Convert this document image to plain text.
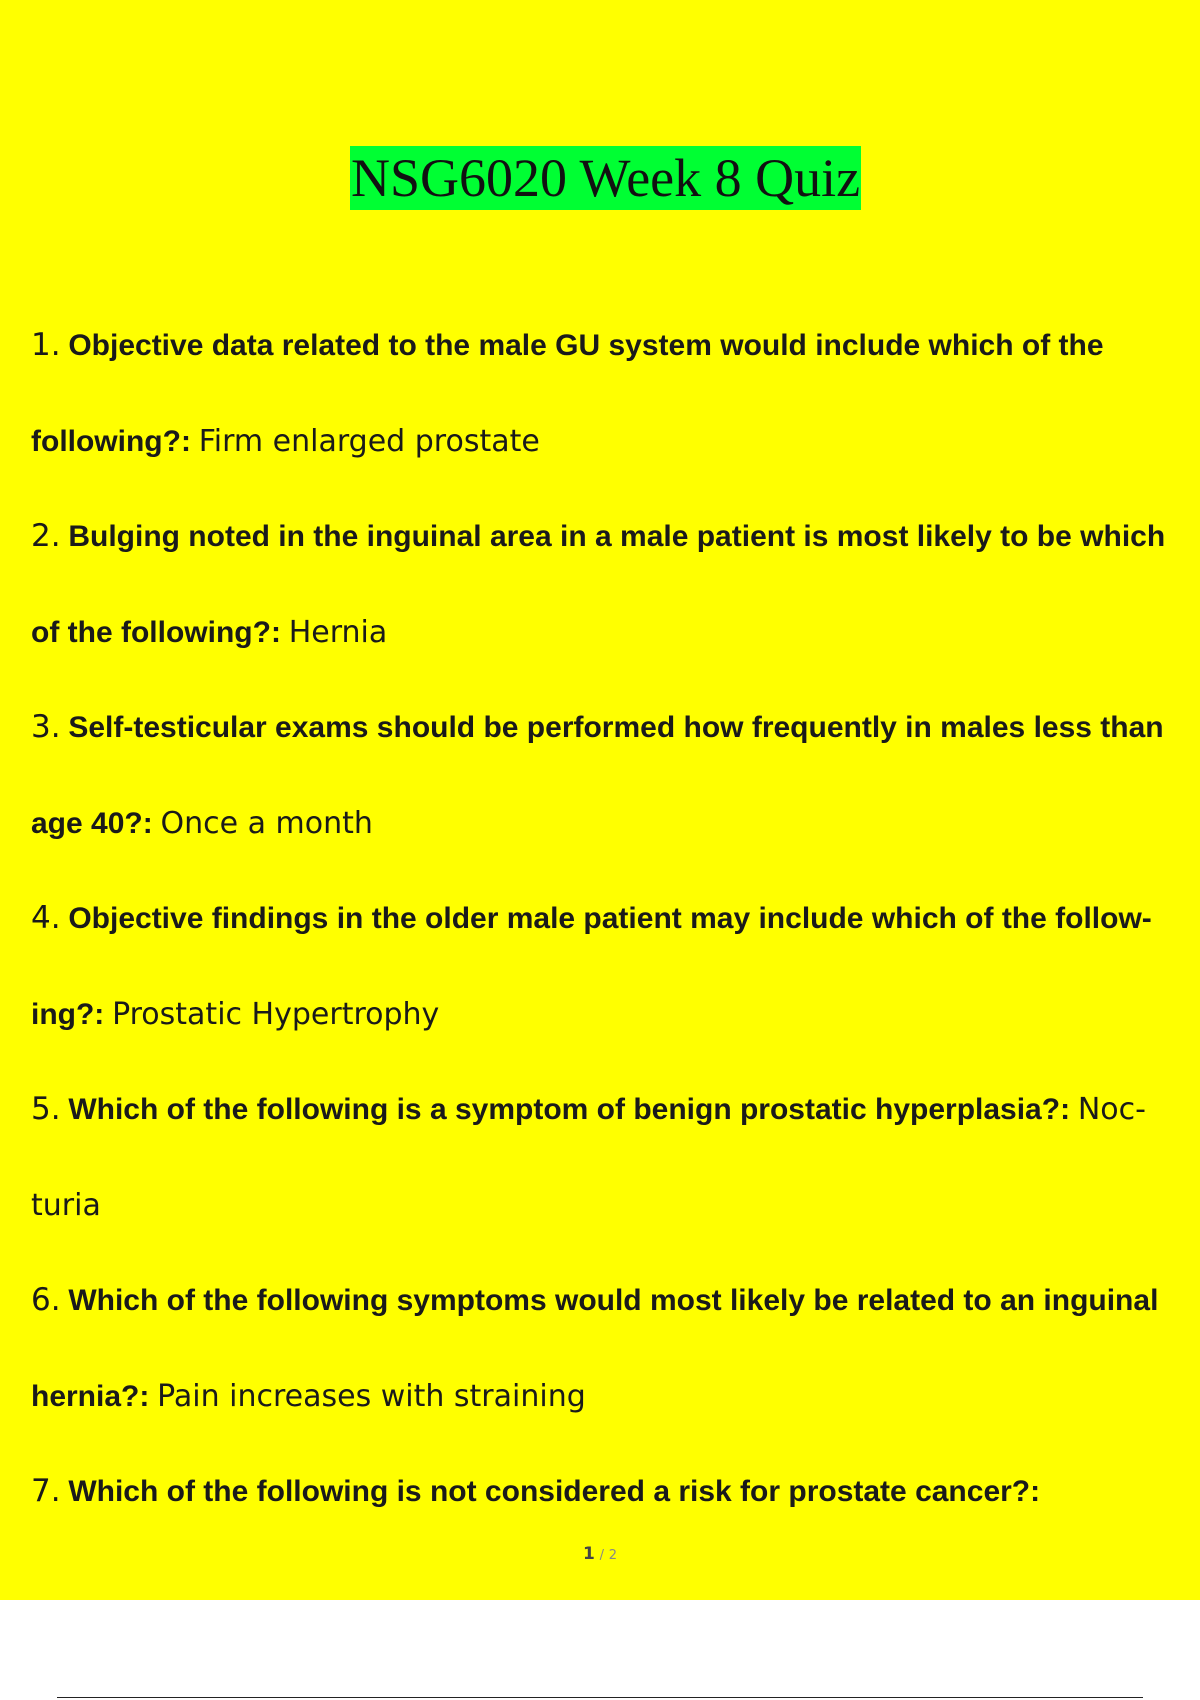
NSG6020 Week 8 Quiz
1. Objective data related to the male GU system would include which of the following?: Firm enlarged prostate
2. Bulging noted in the inguinal area in a male patient is most likely to be which of the following?: Hernia
3. Self-testicular exams should be performed how frequently in males less than age 40?: Once a month
4. Objective findings in the older male patient may include which of the follow- ing?: Prostatic Hypertrophy
5. Which of the following is a symptom of benign prostatic hyperplasia?: Noc- turia
6. Which of the following symptoms would most likely be related to an inguinal hernia?: Pain increases with straining
7. Which of the following is not considered a risk for prostate cancer?:
1 / 2
